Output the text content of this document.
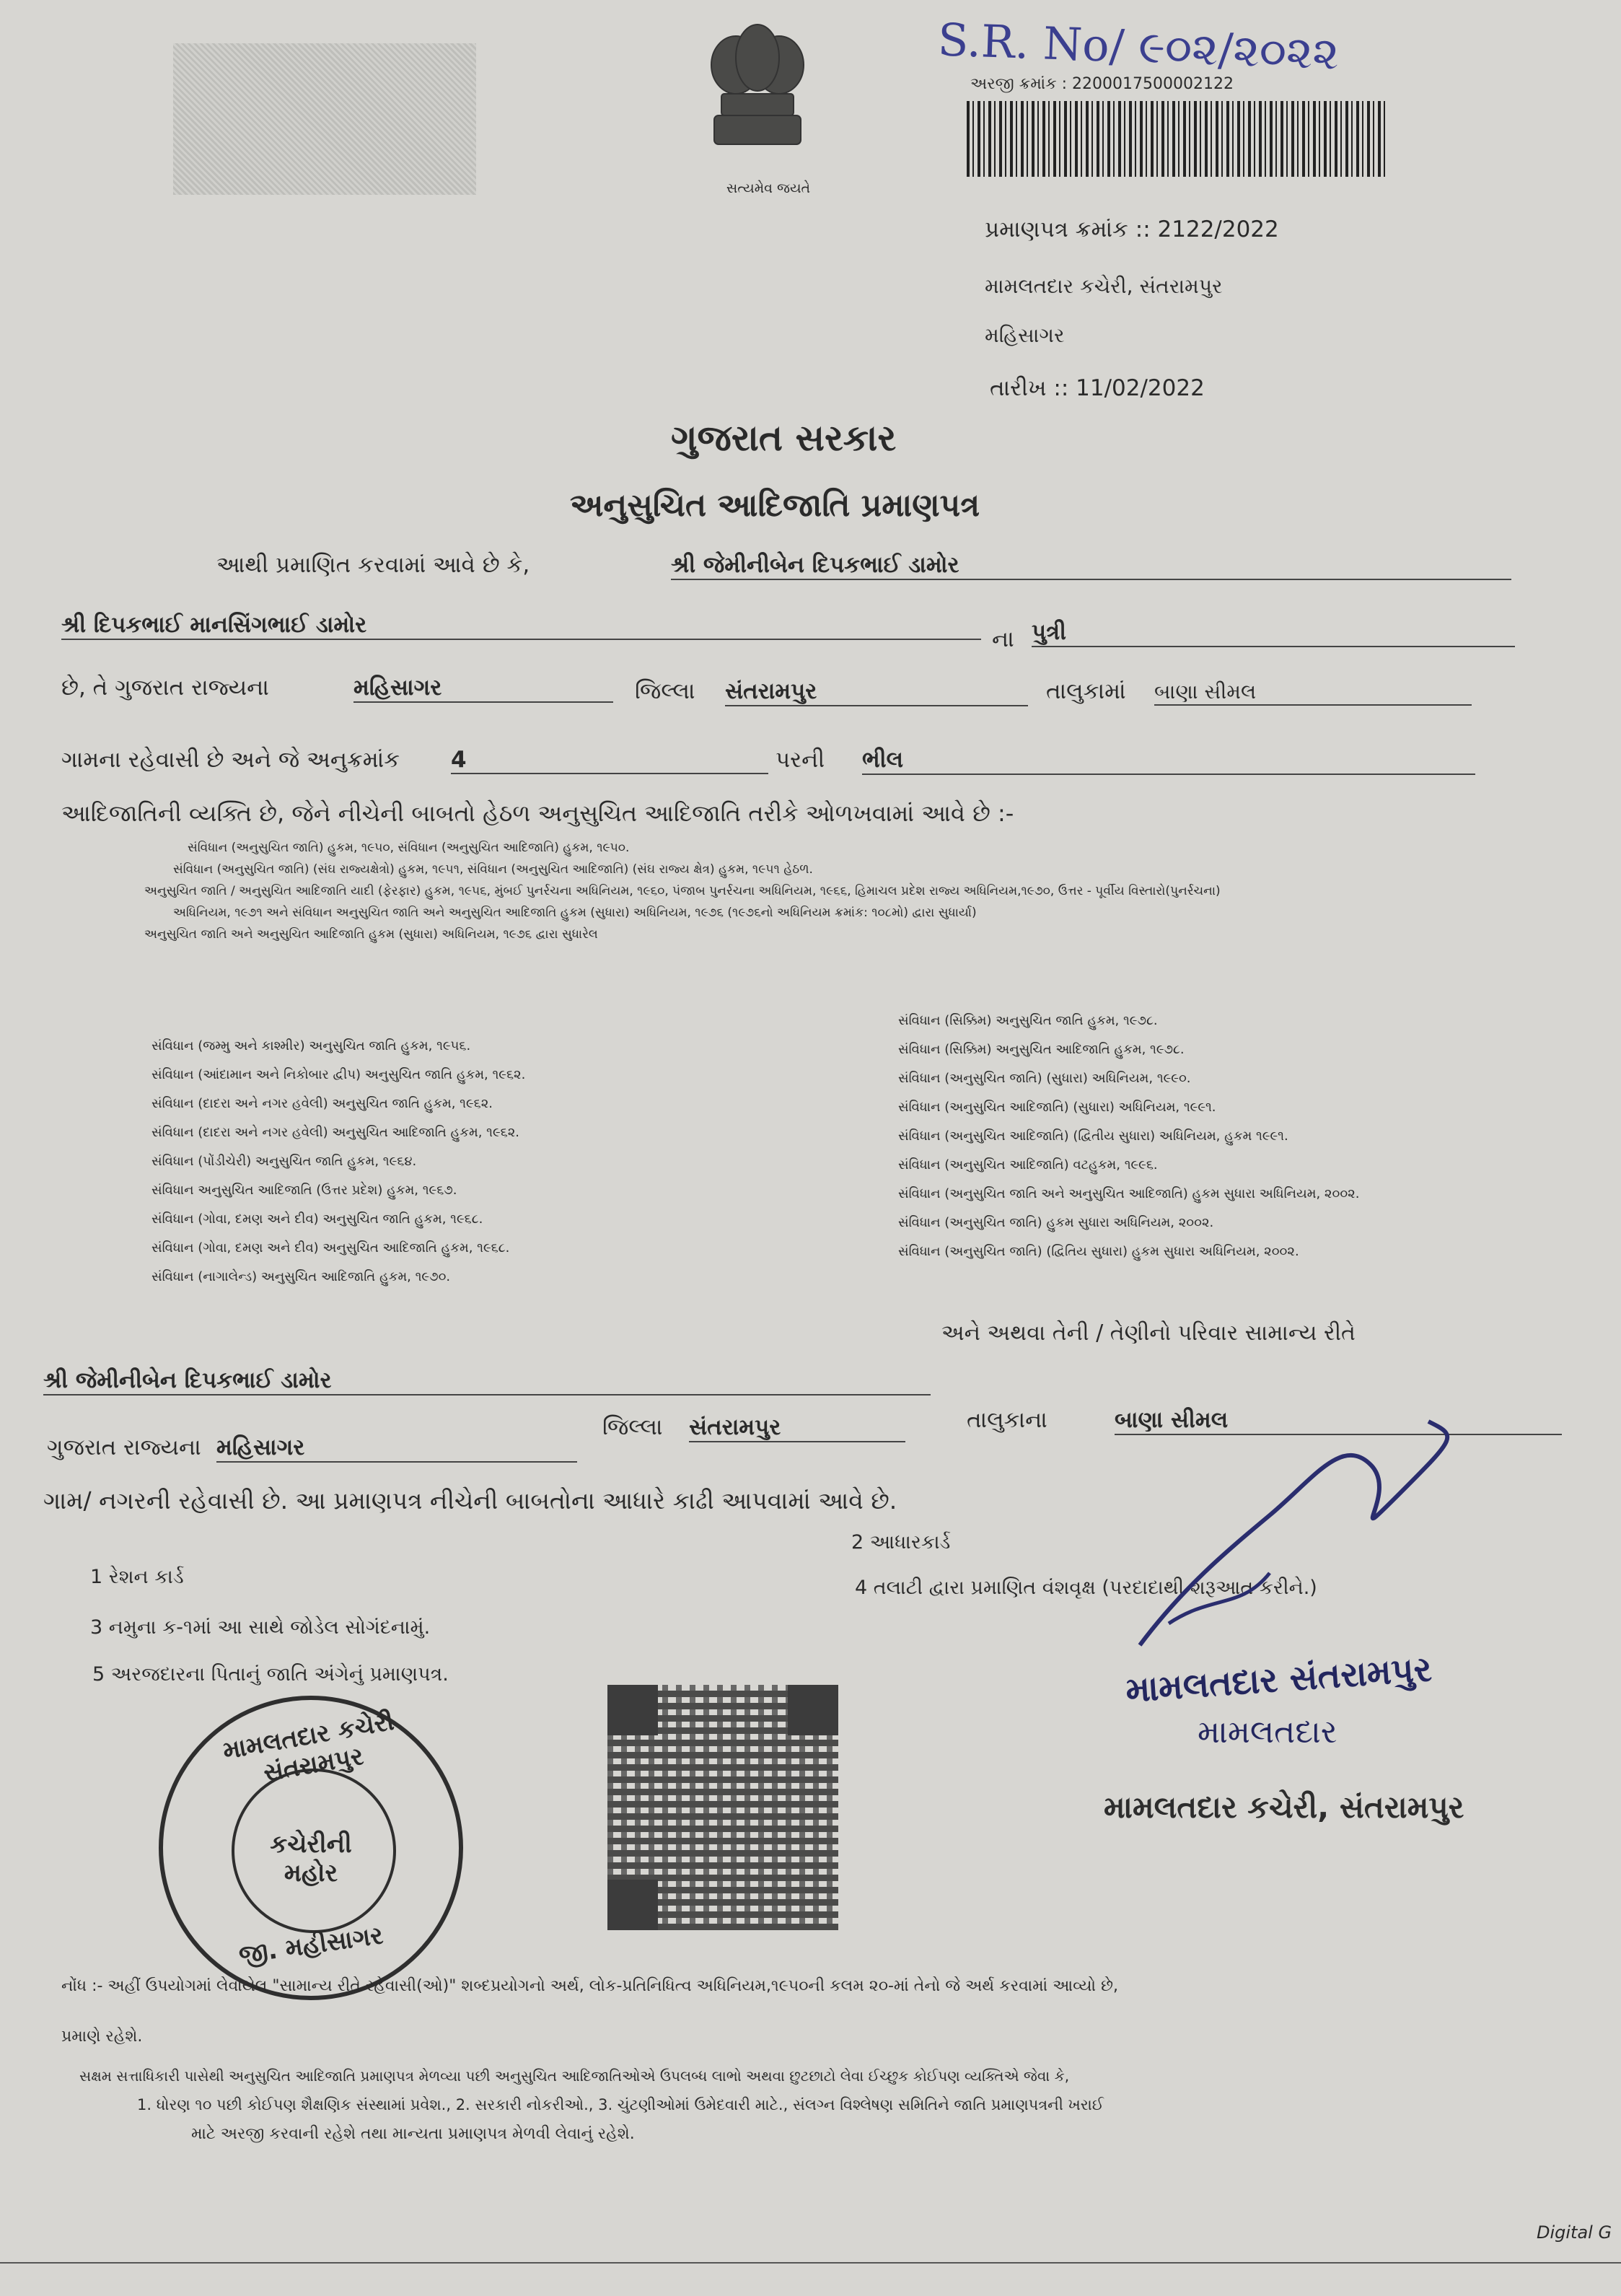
સત્યમેવ જયતે
S.R. No/ ૯૦૨/૨૦૨૨
અરજી ક્રમાંક : 2200017500002122
પ્રમાણપત્ર ક્રમાંક :: 2122/2022
મામલતદાર કચેરી, સંતરામપુર
મહિસાગર
તારીખ :: 11/02/2022
ગુજરાત સરકાર
અનુસુચિત આદિજાતિ પ્રમાણપત્ર
આથી પ્રમાણિત કરવામાં આવે છે કે,	શ્રી જેમીનીબેન દિપકભાઈ ડામોર
શ્રી દિપકભાઈ માનસિંગભાઈ ડામોર
ના પુત્રી
છે, તે ગુજરાત રાજ્યના	મહિસાગર	જિલ્લા સંતરામપુર	તાલુકામાં બાણા સીમલ
ગામના રહેવાસી છે અને જે અનુક્રમાંક 4	પરની ભીલ
આદિજાતિની વ્યક્તિ છે, જેને નીચેની બાબતો હેઠળ અનુસુચિત આદિજાતિ તરીકે ઓળખવામાં આવે છે :-
સંવિધાન (અનુસુચિત જાતિ) હુકમ, ૧૯૫૦, સંવિધાન (અનુસુચિત આદિજાતિ) હુકમ, ૧૯૫૦.
સંવિધાન (અનુસુચિત જાતિ) (સંઘ રાજ્યક્ષેત્રો) હુકમ, ૧૯૫૧, સંવિધાન (અનુસુચિત આદિજાતિ) (સંઘ રાજ્ય ક્ષેત્ર) હુકમ, ૧૯૫૧ હેઠળ.
અનુસુચિત જાતિ / અનુસુચિત આદિજાતિ યાદી (ફેરફાર) હુકમ, ૧૯૫૬, મુંબઈ પુનર્રચના અધિનિયમ, ૧૯૬૦, પંજાબ પુનર્રચના અધિનિયમ, ૧૯૬૬, હિમાચલ પ્રદેશ રાજ્ય અધિનિયમ,૧૯૭૦, ઉત્તર - પૂર્વીય વિસ્તારો(પુનર્રચના)
અધિનિયમ, ૧૯૭૧ અને સંવિધાન અનુસુચિત જાતિ અને અનુસુચિત આદિજાતિ હુકમ (સુધારા) અધિનિયમ, ૧૯૭૬ (૧૯૭૬નો અધિનિયમ ક્રમાંક: ૧૦૮મો) દ્વારા સુધાર્યા)
અનુસુચિત જાતિ અને અનુસુચિત આદિજાતિ હુકમ (સુધારા) અધિનિયમ, ૧૯૭૬ દ્વારા સુધારેલ
સંવિધાન (જમ્મુ અને કાશ્મીર) અનુસુચિત જાતિ હુકમ, ૧૯૫૬.
સંવિધાન (આંદામાન અને નિકોબાર દ્વીપ) અનુસુચિત જાતિ હુકમ, ૧૯૬૨.
સંવિધાન (દાદરા અને નગર હવેલી) અનુસુચિત જાતિ હુકમ, ૧૯૬૨.
સંવિધાન (દાદરા અને નગર હવેલી) અનુસુચિત આદિજાતિ હુકમ, ૧૯૬૨.
સંવિધાન (પોંડીચેરી) અનુસુચિત જાતિ હુકમ, ૧૯૬૪.
સંવિધાન અનુસુચિત આદિજાતિ (ઉત્તર પ્રદેશ) હુકમ, ૧૯૬૭.
સંવિધાન (ગોવા, દમણ અને દીવ) અનુસુચિત જાતિ હુકમ, ૧૯૬૮.
સંવિધાન (ગોવા, દમણ અને દીવ) અનુસુચિત આદિજાતિ હુકમ, ૧૯૬૮.
સંવિધાન (નાગાલેન્ડ) અનુસુચિત આદિજાતિ હુકમ, ૧૯૭૦.
સંવિધાન (સિક્કિમ) અનુસુચિત જાતિ હુકમ, ૧૯૭૮.
સંવિધાન (સિક્કિમ) અનુસુચિત આદિજાતિ હુકમ, ૧૯૭૮.
સંવિધાન (અનુસુચિત જાતિ) (સુધારા) અધિનિયમ, ૧૯૯૦.
સંવિધાન (અનુસુચિત આદિજાતિ) (સુધારા) અધિનિયમ, ૧૯૯૧.
સંવિધાન (અનુસુચિત આદિજાતિ) (દ્વિતીય સુધારા) અધિનિયમ, હુકમ ૧૯૯૧.
સંવિધાન (અનુસુચિત આદિજાતિ) વટહુકમ, ૧૯૯૬.
સંવિધાન (અનુસુચિત જાતિ અને અનુસુચિત આદિજાતિ) હુકમ સુધારા અધિનિયમ, ૨૦૦૨.
સંવિધાન (અનુસુચિત જાતિ) હુકમ સુધારા અધિનિયમ, ૨૦૦૨.
સંવિધાન (અનુસુચિત જાતિ) (દ્વિતિય સુધારા) હુકમ સુધારા અધિનિયમ, ૨૦૦૨.
અને અથવા તેની / તેણીનો પરિવાર સામાન્ય રીતે
શ્રી જેમીનીબેન દિપકભાઈ ડામોર
ગુજરાત રાજ્યના મહિસાગર
જિલ્લા સંતરામપુર	તાલુકાના	બાણા સીમલ
ગામ/ નગરની રહેવાસી છે. આ પ્રમાણપત્ર નીચેની બાબતોના આધારે કાઢી આપવામાં આવે છે.
1 રેશન કાર્ડ
2 આધારકાર્ડ
3 નમુના ક-૧માં આ સાથે જોડેલ સોગંદનામું.
4 તલાટી દ્વારા પ્રમાણિત વંશવૃક્ષ (પરદાદાથી શરૂઆત કરીને.)
5 અરજદારના પિતાનું જાતિ અંગેનું પ્રમાણપત્ર.
મામલતદાર કચેરી સંતરામપુર
કચેરીની મહોર
જી. મહીસાગર
મામલતદાર સંતરામપુર
મામલતદાર
મામલતદાર કચેરી, સંતરામપુર
નોંધ :- અહીં ઉપયોગમાં લેવાયેલ "સામાન્ય રીતે રહેવાસી(ઓ)" શબ્દપ્રયોગનો અર્થ, લોક-પ્રતિનિધિત્વ અધિનિયમ,૧૯૫૦ની કલમ ૨૦-માં તેનો જે અર્થ કરવામાં આવ્યો છે,
પ્રમાણે રહેશે.
સક્ષમ સત્તાધિકારી પાસેથી અનુસુચિત આદિજાતિ પ્રમાણપત્ર મેળવ્યા પછી અનુસુચિત આદિજાતિઓએ ઉપલબ્ધ લાભો અથવા છુટછાટો લેવા ઈચ્છુક કોઈપણ વ્યક્તિએ જેવા કે,
1. ધોરણ ૧૦ પછી કોઈપણ શૈક્ષણિક સંસ્થામાં પ્રવેશ., 2. સરકારી નોકરીઓ., 3. ચુંટણીઓમાં ઉમેદવારી માટે., સંલગ્ન વિશ્લેષણ સમિતિને જાતિ પ્રમાણપત્રની ખરાઈ
માટે અરજી કરવાની રહેશે તથા માન્યતા પ્રમાણપત્ર મેળવી લેવાનું રહેશે.
Digital G
